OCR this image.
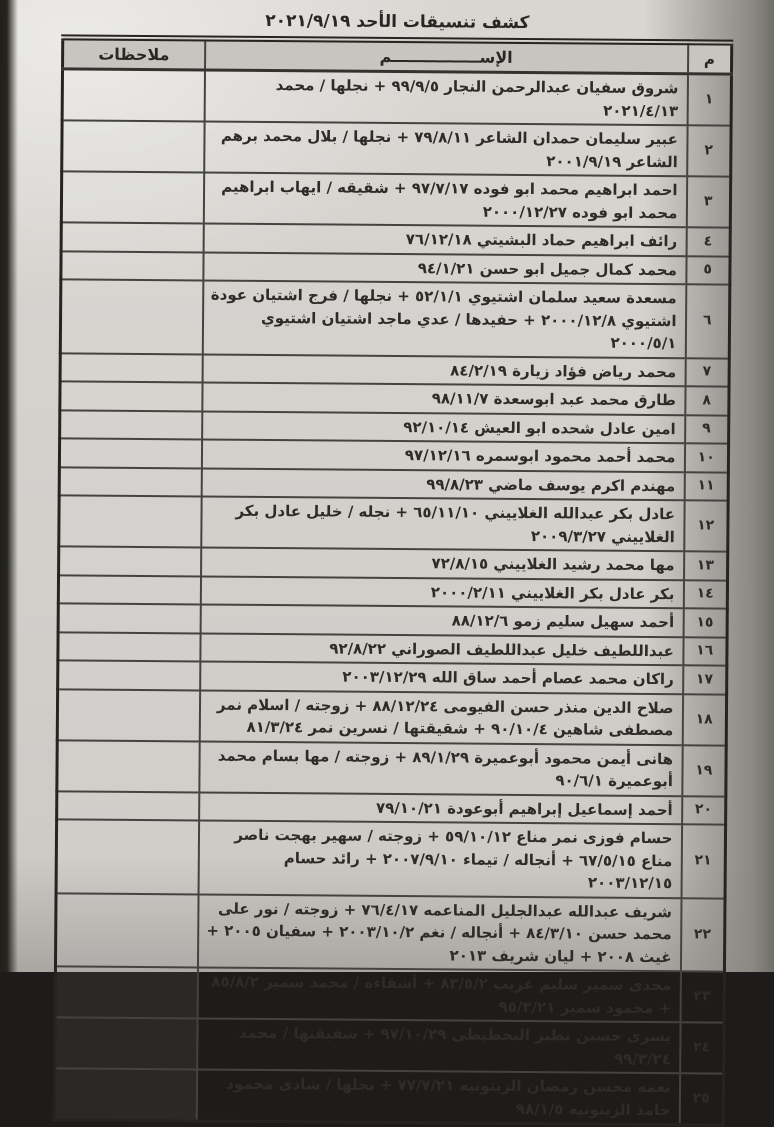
كشف تنسيقات الأحد ٢٠٢١/٩/١٩
م	الإســــــــــــــــم	ملاحظات
١	شروق سفيان عبدالرحمن النجار ٩٩/٩/٥ + نجلها / محمد ٢٠٢١/٤/١٣	
٢	عبير سليمان حمدان الشاعر ٧٩/٨/١١ + نجلها / بلال محمد برهم الشاعر ٢٠٠١/٩/١٩	
٣	احمد ابراهيم محمد ابو فوده ٩٧/٧/١٧ + شقيقه / ايهاب ابراهيم محمد ابو فوده ٢٠٠٠/١٢/٢٧	
٤	رائف ابراهيم حماد البشيتي ٧٦/١٢/١٨	
٥	محمد كمال جميل ابو حسن ٩٤/١/٢١	
٦	مسعدة سعيد سلمان اشتيوي ٥٢/١/١ + نجلها / فرج اشتيان عودة اشتيوي ٢٠٠٠/١٢/٨ + حفيدها / عدي ماجد اشتيان اشتيوي ٢٠٠٠/٥/١	
٧	محمد رياض فؤاد زيارة ٨٤/٢/١٩	
٨	طارق محمد عبد ابوسعدة ٩٨/١١/٧	
٩	امين عادل شحده ابو العيش ٩٢/١٠/١٤	
١٠	محمد أحمد محمود ابوسمره ٩٧/١٢/١٦	
١١	مهندم اكرم يوسف ماضي ٩٩/٨/٢٣	
١٢	عادل بكر عبدالله الغلاييني ٦٥/١١/١٠ + نجله / خليل عادل بكر الغلاييني ٢٠٠٩/٣/٢٧	
١٣	مها محمد رشيد الغلاييني ٧٢/٨/١٥	
١٤	بكر عادل بكر الغلاييني ٢٠٠٠/٢/١١	
١٥	أحمد سهيل سليم زمو ٨٨/١٢/٦	
١٦	عبداللطيف خليل عبداللطيف الصوراني ٩٢/٨/٢٢	
١٧	راكان محمد عصام أحمد ساق الله ٢٠٠٣/١٢/٢٩	
١٨	صلاح الدين منذر حسن الفيومى ٨٨/١٢/٢٤ + زوجته / اسلام نمر مصطفى شاهين ٩٠/١٠/٤ + شقيقتها / نسرين نمر ٨١/٣/٢٤	
١٩	هانى أيمن محمود أبوعميرة ٨٩/١/٢٩ + زوجته / مها بسام محمد أبوعميرة ٩٠/٦/١	
٢٠	أحمد إسماعيل إبراهيم أبوعودة ٧٩/١٠/٢١	
٢١	حسام فوزى نمر مناع ٥٩/١٠/١٢ + زوجته / سهير بهجت ناصر مناع ٦٧/٥/١٥ + أنجاله / تيماء ٢٠٠٧/٩/١٠ + رائد حسام ٢٠٠٣/١٢/١٥	
٢٢	شريف عبدالله عبدالجليل المناعمه ٧٦/٤/١٧ + زوجته / نور على محمد حسن ٨٤/٣/١٠ + أنجاله / نغم ٢٠٠٣/١٠/٢ + سفيان ٢٠٠٥ + غيث ٢٠٠٨ + ليان شريف ٢٠١٣	
٢٣	مجدى سمير سليم غريب ٨٣/٥/٢ + أشقاءه / محمد سمير ٨٥/٨/٢ + محمود سمير ٩٥/٣/٢١	
٢٤	يسرى حسين نظير البحطيطى ٩٧/١٠/٢٩ + شقيقتها / محمد ٩٩/٣/٢٤	
٢٥	نعمه محسن رمضان الزيتونيه ٧٧/٧/٢١ + نجلها / شادى محمود حامد الزيتونيه ٩٨/١/٥	
